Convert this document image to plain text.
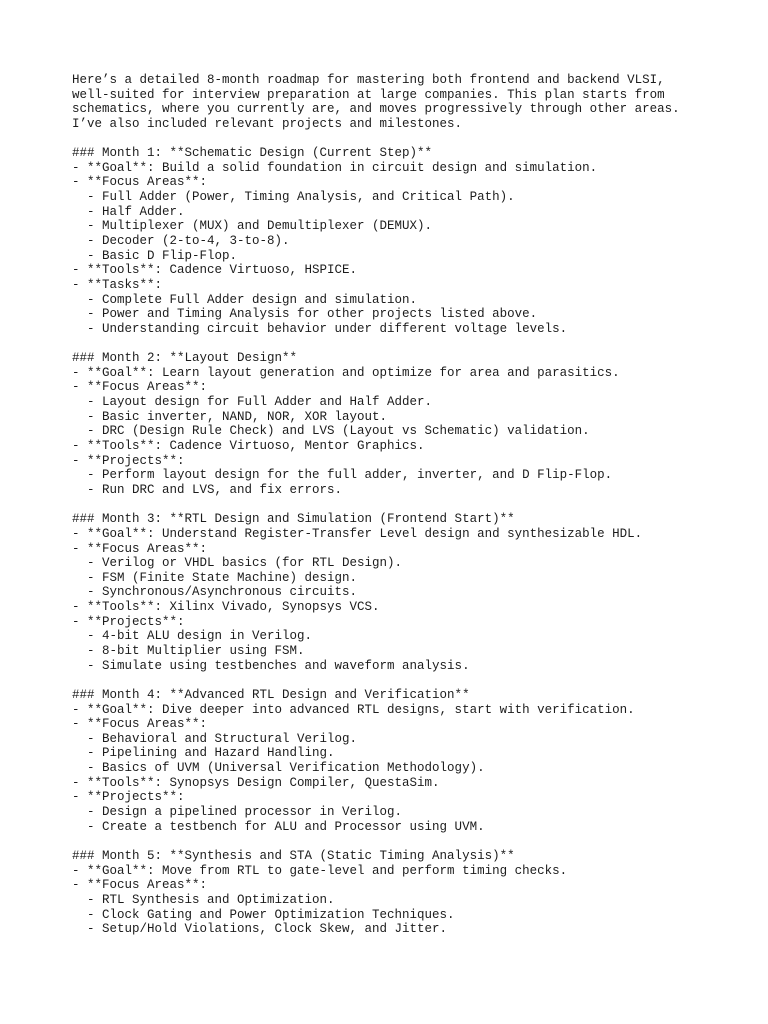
Here’s a detailed 8-month roadmap for mastering both frontend and backend VLSI,
well-suited for interview preparation at large companies. This plan starts from
schematics, where you currently are, and moves progressively through other areas.
I’ve also included relevant projects and milestones.
### Month 1: **Schematic Design (Current Step)**
- **Goal**: Build a solid foundation in circuit design and simulation.
- **Focus Areas**:
- Full Adder (Power, Timing Analysis, and Critical Path).
- Half Adder.
- Multiplexer (MUX) and Demultiplexer (DEMUX).
- Decoder (2-to-4, 3-to-8).
- Basic D Flip-Flop.
- **Tools**: Cadence Virtuoso, HSPICE.
- **Tasks**:
- Complete Full Adder design and simulation.
- Power and Timing Analysis for other projects listed above.
- Understanding circuit behavior under different voltage levels.
### Month 2: **Layout Design**
- **Goal**: Learn layout generation and optimize for area and parasitics.
- **Focus Areas**:
- Layout design for Full Adder and Half Adder.
- Basic inverter, NAND, NOR, XOR layout.
- DRC (Design Rule Check) and LVS (Layout vs Schematic) validation.
- **Tools**: Cadence Virtuoso, Mentor Graphics.
- **Projects**:
- Perform layout design for the full adder, inverter, and D Flip-Flop.
- Run DRC and LVS, and fix errors.
### Month 3: **RTL Design and Simulation (Frontend Start)**
- **Goal**: Understand Register-Transfer Level design and synthesizable HDL.
- **Focus Areas**:
- Verilog or VHDL basics (for RTL Design).
- FSM (Finite State Machine) design.
- Synchronous/Asynchronous circuits.
- **Tools**: Xilinx Vivado, Synopsys VCS.
- **Projects**:
- 4-bit ALU design in Verilog.
- 8-bit Multiplier using FSM.
- Simulate using testbenches and waveform analysis.
### Month 4: **Advanced RTL Design and Verification**
- **Goal**: Dive deeper into advanced RTL designs, start with verification.
- **Focus Areas**:
- Behavioral and Structural Verilog.
- Pipelining and Hazard Handling.
- Basics of UVM (Universal Verification Methodology).
- **Tools**: Synopsys Design Compiler, QuestaSim.
- **Projects**:
- Design a pipelined processor in Verilog.
- Create a testbench for ALU and Processor using UVM.
### Month 5: **Synthesis and STA (Static Timing Analysis)**
- **Goal**: Move from RTL to gate-level and perform timing checks.
- **Focus Areas**:
- RTL Synthesis and Optimization.
- Clock Gating and Power Optimization Techniques.
- Setup/Hold Violations, Clock Skew, and Jitter.
